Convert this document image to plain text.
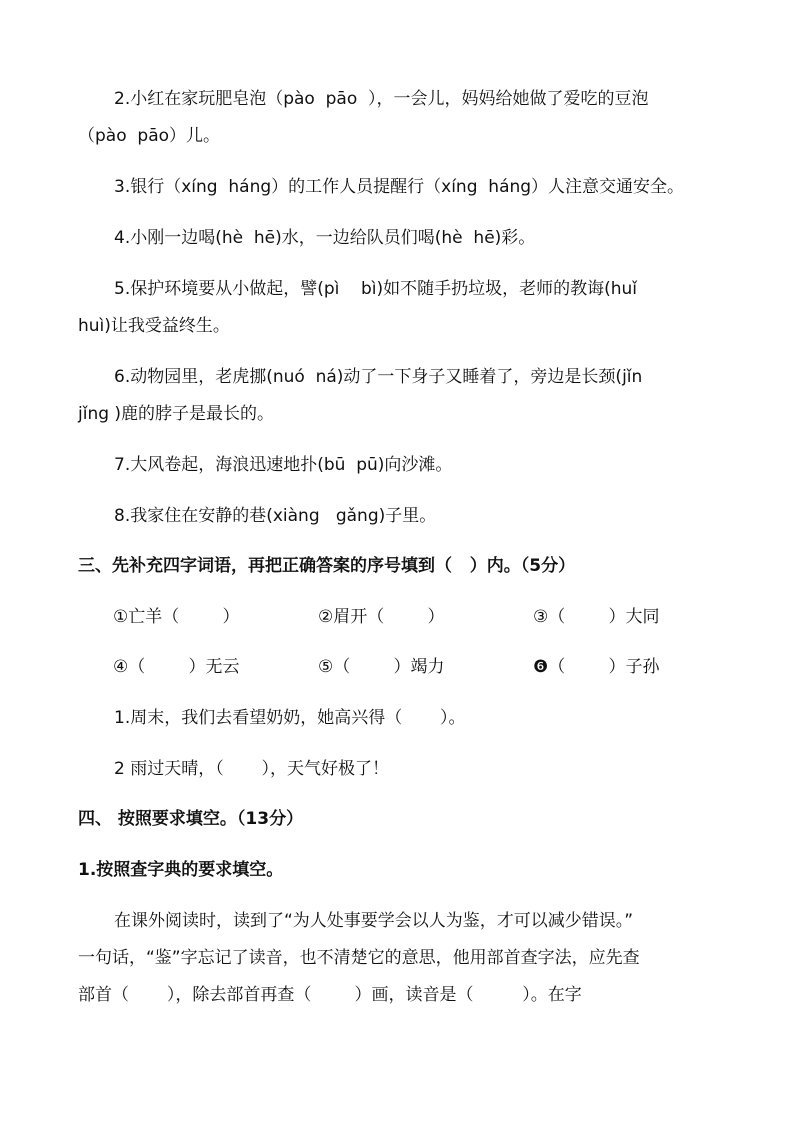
2.小红在家玩肥皂泡（pào  pāo  ），一会儿，妈妈给她做了爱吃的豆泡
（pào  pāo）儿。
3.银行（xíng  háng）的工作人员提醒行（xíng  háng）人注意交通安全。
4.小刚一边喝(hè  hē)水，一边给队员们喝(hè  hē)彩。
5.保护环境要从小做起，譬(pì    bì)如不随手扔垃圾，老师的教诲(huǐ
huì)让我受益终生。
6.动物园里，老虎挪(nuó  ná)动了一下身子又睡着了，旁边是长颈(jǐn
jǐng )鹿的脖子是最长的。
7.大风卷起，海浪迅速地扑(bū  pū)向沙滩。
8.我家住在安静的巷(xiàng   gǎng)子里。
三、先补充四字词语，再把正确答案的序号填到（   ）内。（5分）
①亡羊（        ）	②眉开（        ）	③（        ）大同
④（        ）无云	⑤（        ）竭力	❻（        ）子孙
1.周末，我们去看望奶奶，她高兴得（       ）。
2 雨过天晴，（       ），天气好极了！
四、 按照要求填空。（13分）
1.按照查字典的要求填空。
在课外阅读时，读到了“为人处事要学会以人为鉴，才可以减少错误。”
一句话，“鉴”字忘记了读音，也不清楚它的意思，他用部首查字法，应先查
部首（       ），除去部首再查（        ）画，读音是（         ）。在字
